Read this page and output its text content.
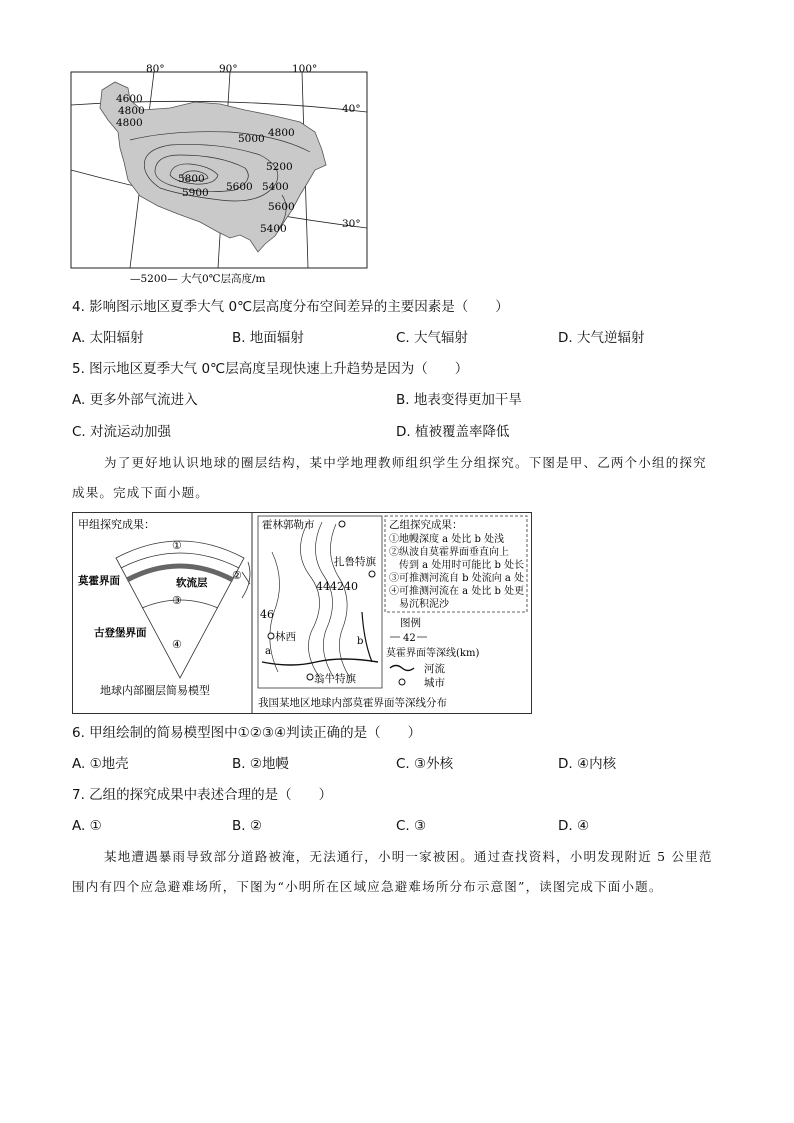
80°	90°	100°
40°
30°
4600
4800
4800
5000 4800
5200
5800
5900 5600 5400
5600
5400
—5200— 大气0℃层高度/m
4. 影响图示地区夏季大气 0℃层高度分布空间差异的主要因素是（　　）
A. 太阳辐射	B. 地面辐射	C. 大气辐射	D. 大气逆辐射
5. 图示地区夏季大气 0℃层高度呈现快速上升趋势是因为（　　）
A. 更多外部气流进入	B. 地表变得更加干旱
C. 对流运动加强	D. 植被覆盖率降低
为了更好地认识地球的圈层结构，某中学地理教师组织学生分组探究。下图是甲、乙两个小组的探究
成果。完成下面小题。
甲组探究成果：
①
②
③
④
莫霍界面	软流层
古登堡界面
地球内部圈层简易模型
霍林郭勒市
扎鲁特旗
44 42 40
46
林西
a
b
翁牛特旗
我国某地区地球内部莫霍界面等深线分布
乙组探究成果：
①地幔深度 a 处比 b 处浅
②纵波自莫霍界面垂直向上
传到 a 处用时可能比 b 处长
③可推测河流自 b 处流向 a 处
④可推测河流在 a 处比 b 处更
易沉积泥沙
图例
42
莫霍界面等深线(km)
河流
城市
6. 甲组绘制的简易模型图中①②③④判读正确的是（　　）
A. ①地壳	B. ②地幔	C. ③外核	D. ④内核
7. 乙组的探究成果中表述合理的是（　　）
A. ①	B. ②	C. ③	D. ④
某地遭遇暴雨导致部分道路被淹，无法通行，小明一家被困。通过查找资料，小明发现附近 5 公里范
围内有四个应急避难场所，下图为“小明所在区域应急避难场所分布示意图”，读图完成下面小题。
